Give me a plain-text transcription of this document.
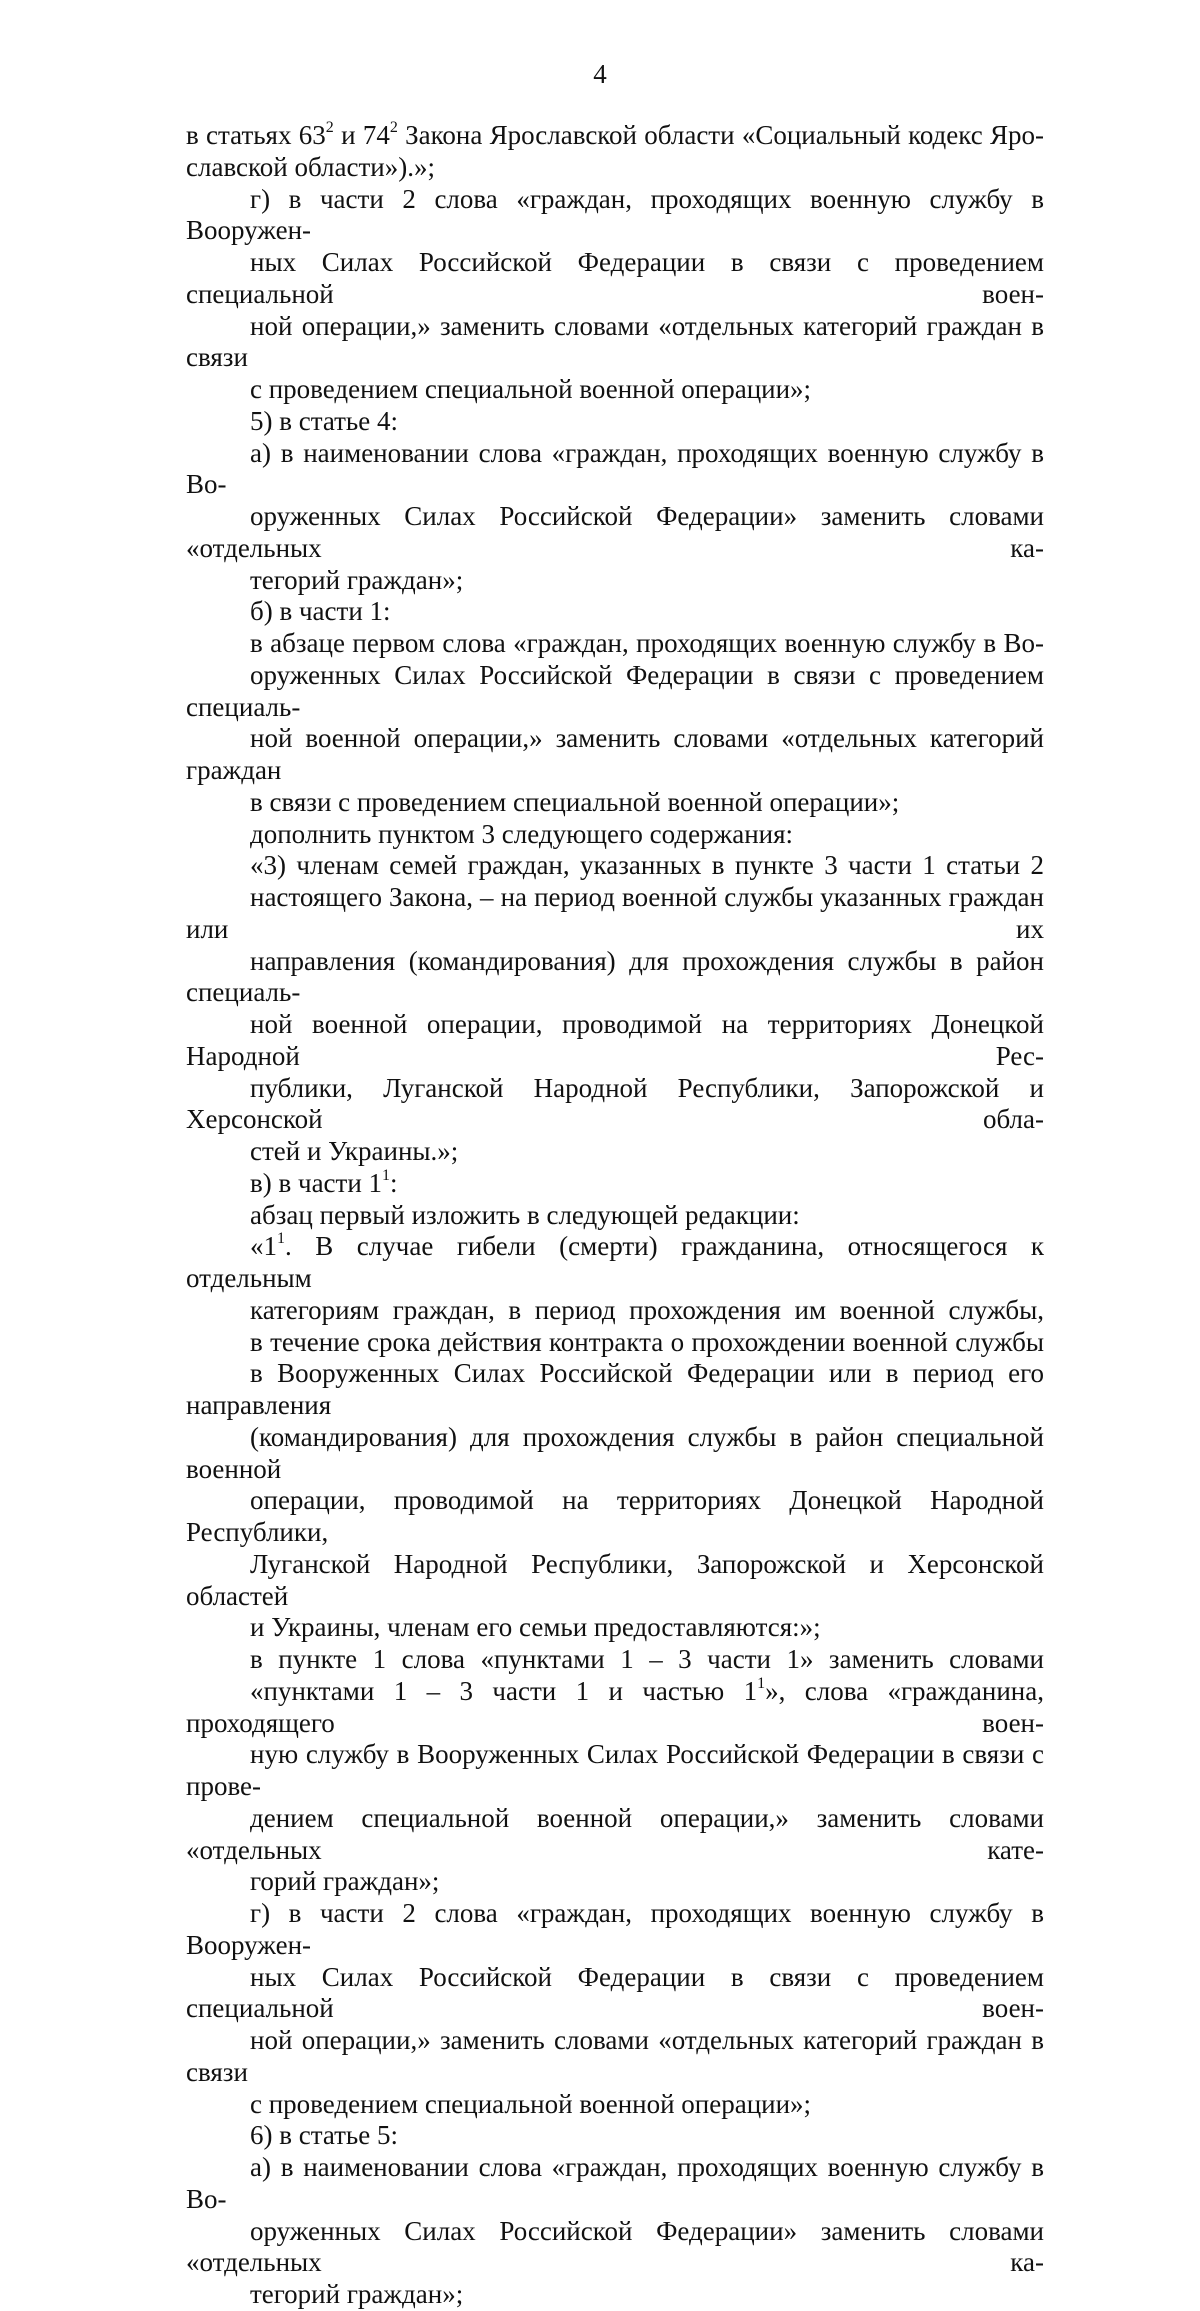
4

в статьях $63^2$ и $74^2$ Закона Ярославской области «Социальный кодекс Яро-
славской области»).»;

г) в части 2 слова «граждан, проходящих военную службу в Вооружен-
ных Силах Российской Федерации в связи с проведением специальной воен-
ной операции,» заменить словами «отдельных категорий граждан в связи
с проведением специальной военной операции»;

5) в статье 4:

а) в наименовании слова «граждан, проходящих военную службу в Во-
оруженных Силах Российской Федерации» заменить словами «отдельных ка-
тегорий граждан»;

б) в части 1:

в абзаце первом слова «граждан, проходящих военную службу в Во-
оруженных Силах Российской Федерации в связи с проведением специаль-
ной военной операции,» заменить словами «отдельных категорий граждан
в связи с проведением специальной военной операции»;

дополнить пунктом 3 следующего содержания:

«3) членам семей граждан, указанных в пункте 3 части 1 статьи 2
настоящего Закона, – на период военной службы указанных граждан или их
направления (командирования) для прохождения службы в район специаль-
ной военной операции, проводимой на территориях Донецкой Народной Рес-
публики, Луганской Народной Республики, Запорожской и Херсонской обла-
стей и Украины.»;

в) в части $1^1$:

абзац первый изложить в следующей редакции:

«$1^1$. В случае гибели (смерти) гражданина, относящегося к отдельным
категориям граждан, в период прохождения им военной службы,
в течение срока действия контракта о прохождении военной службы
в Вооруженных Силах Российской Федерации или в период его направления
(командирования) для прохождения службы в район специальной военной
операции, проводимой на территориях Донецкой Народной Республики,
Луганской Народной Республики, Запорожской и Херсонской областей
и Украины, членам его семьи предоставляются:»;

в пункте 1 слова «пунктами 1 – 3 части 1» заменить словами
«пунктами 1 – 3 части 1 и частью $1^1$», слова «гражданина, проходящего воен-
ную службу в Вооруженных Силах Российской Федерации в связи с прове-
дением специальной военной операции,» заменить словами «отдельных кате-
горий граждан»;

г) в части 2 слова «граждан, проходящих военную службу в Вооружен-
ных Силах Российской Федерации в связи с проведением специальной воен-
ной операции,» заменить словами «отдельных категорий граждан в связи
с проведением специальной военной операции»;

6) в статье 5:

а) в наименовании слова «граждан, проходящих военную службу в Во-
оруженных Силах Российской Федерации» заменить словами «отдельных ка-
тегорий граждан»;
